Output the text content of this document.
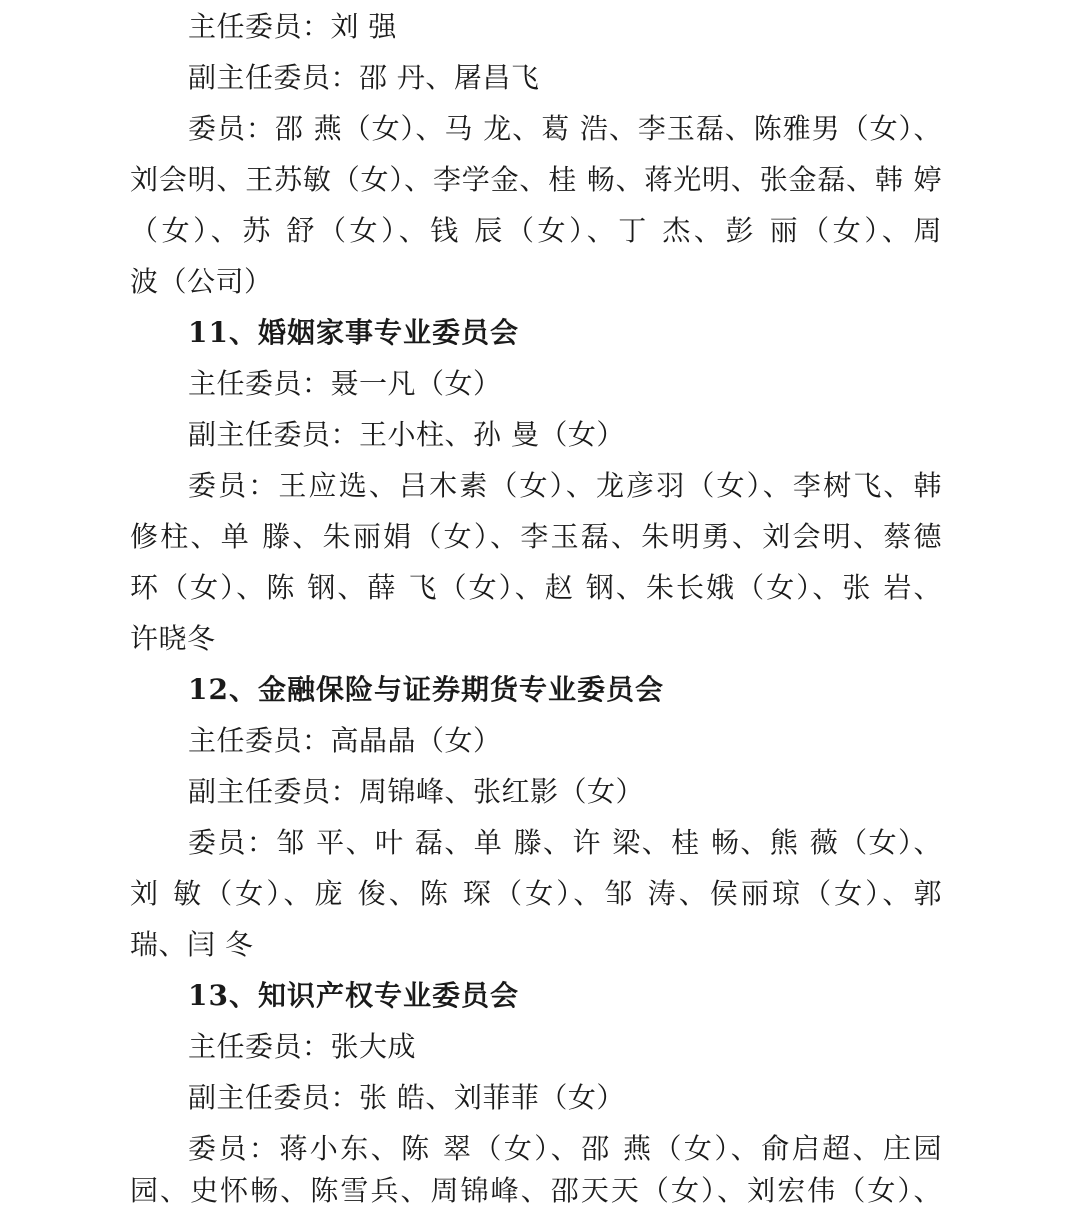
主任委员：刘 强
副主任委员：邵 丹、屠昌飞
委员：邵 燕（女）、马 龙、葛 浩、李玉磊、陈雅男（女）、
刘会明、王苏敏（女）、李学金、桂 畅、蒋光明、张金磊、韩 婷
（女）、苏 舒（女）、钱 辰（女）、丁 杰、彭 丽（女）、周
波（公司）
11、婚姻家事专业委员会
主任委员：聂一凡（女）
副主任委员：王小柱、孙 曼（女）
委员：王应选、吕木素（女）、龙彦羽（女）、李树飞、韩
修柱、单 滕、朱丽娟（女）、李玉磊、朱明勇、刘会明、蔡德
环（女）、陈 钢、薛 飞（女）、赵 钢、朱长娥（女）、张 岩、
许晓冬
12、金融保险与证券期货专业委员会
主任委员：高晶晶（女）
副主任委员：周锦峰、张红影（女）
委员：邹 平、叶 磊、单 滕、许 梁、桂 畅、熊 薇（女）、
刘 敏（女）、庞 俊、陈 琛（女）、邹 涛、侯丽琼（女）、郭
瑞、闫 冬
13、知识产权专业委员会
主任委员：张大成
副主任委员：张 皓、刘菲菲（女）
委员：蒋小东、陈 翠（女）、邵 燕（女）、俞启超、庄园
园、史怀畅、陈雪兵、周锦峰、邵天天（女）、刘宏伟（女）、
